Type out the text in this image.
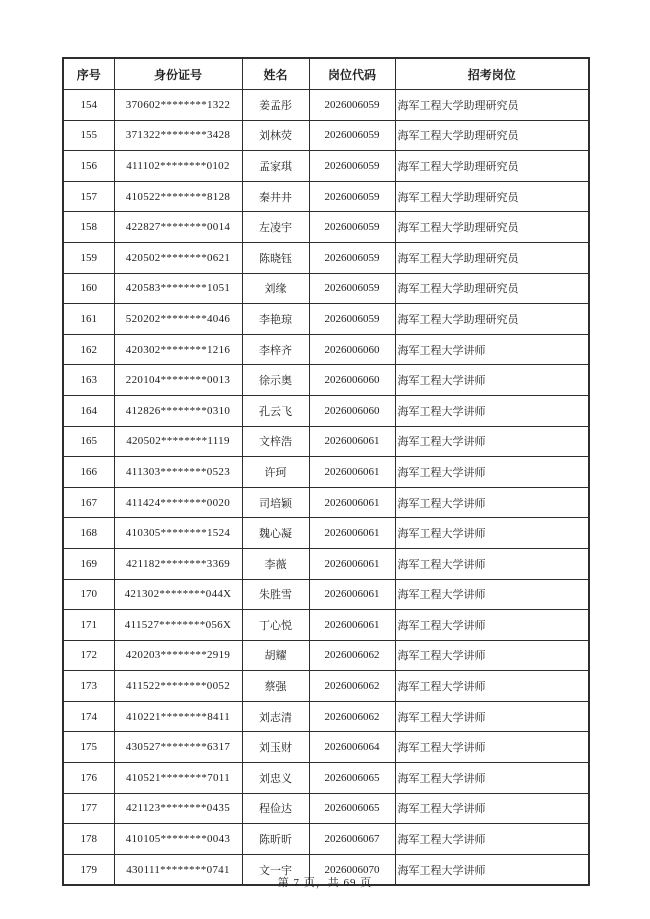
序号	身份证号	姓名	岗位代码	招考岗位
154	370602********1322	姜孟彤	2026006059	海军工程大学助理研究员
155	371322********3428	刘林荧	2026006059	海军工程大学助理研究员
156	411102********0102	孟家琪	2026006059	海军工程大学助理研究员
157	410522********8128	秦井井	2026006059	海军工程大学助理研究员
158	422827********0014	左凌宇	2026006059	海军工程大学助理研究员
159	420502********0621	陈晓钰	2026006059	海军工程大学助理研究员
160	420583********1051	刘缘	2026006059	海军工程大学助理研究员
161	520202********4046	李艳琼	2026006059	海军工程大学助理研究员
162	420302********1216	李梓齐	2026006060	海军工程大学讲师
163	220104********0013	徐示奥	2026006060	海军工程大学讲师
164	412826********0310	孔云飞	2026006060	海军工程大学讲师
165	420502********1119	文梓浩	2026006061	海军工程大学讲师
166	411303********0523	许珂	2026006061	海军工程大学讲师
167	411424********0020	司培颖	2026006061	海军工程大学讲师
168	410305********1524	魏心凝	2026006061	海军工程大学讲师
169	421182********3369	李薇	2026006061	海军工程大学讲师
170	421302********044X	朱胜雪	2026006061	海军工程大学讲师
171	411527********056X	丁心悦	2026006061	海军工程大学讲师
172	420203********2919	胡耀	2026006062	海军工程大学讲师
173	411522********0052	蔡强	2026006062	海军工程大学讲师
174	410221********8411	刘志清	2026006062	海军工程大学讲师
175	430527********6317	刘玉财	2026006064	海军工程大学讲师
176	410521********7011	刘忠义	2026006065	海军工程大学讲师
177	421123********0435	程俭达	2026006065	海军工程大学讲师
178	410105********0043	陈昕昕	2026006067	海军工程大学讲师
179	430111********0741	文一宇	2026006070	海军工程大学讲师
第 7 页，共 69 页
